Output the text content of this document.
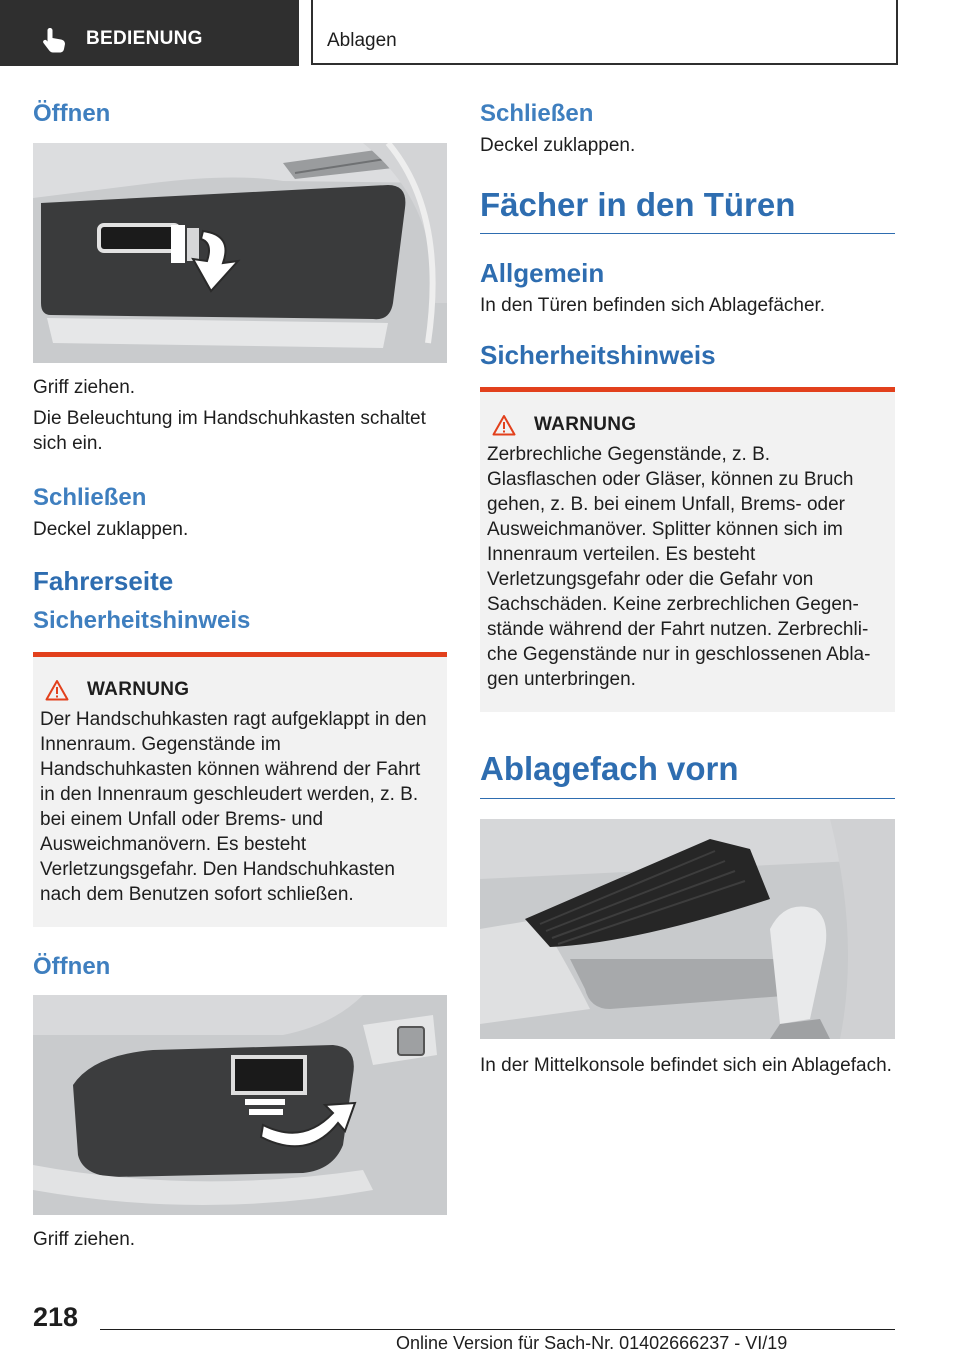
BEDIENUNG	Ablagen
Öffnen

Griff ziehen.

Die Beleuchtung im Handschuhkasten schaltet sich ein.

Schließen

Deckel zuklappen.

Fahrerseite
Sicherheitshinweis
WARNUNG
Der Handschuhkasten ragt aufgeklappt in den Innenraum. Gegenstände im Handschuhkasten können während der Fahrt in den Innenraum geschleudert werden, z. B. bei einem Unfall oder Brems- und Ausweichmanövern. Es besteht Verletzungsgefahr. Den Handschuhkasten nach dem Benutzen sofort schließen.
Öffnen

Griff ziehen.

Schließen

Deckel zuklappen.

Fächer in den Türen
Allgemein

In den Türen befinden sich Ablagefächer.

Sicherheitshinweis
WARNUNG
Zerbrechliche Gegenstände, z. B. Glasflaschen oder Gläser, können zu Bruch gehen, z. B. bei einem Unfall, Brems- oder Ausweichmanöver. Splitter können sich im Innenraum verteilen. Es besteht Verletzungsgefahr oder die Gefahr von Sachschäden. Keine zerbrechlichen Gegenstände während der Fahrt nutzen. Zerbrechliche Gegenstände nur in geschlossenen Ablagen unterbringen.
Ablagefach vorn

In der Mittelkonsole befindet sich ein Ablagefach.

218
Online Version für Sach-Nr. 01402666237 - VI/19
